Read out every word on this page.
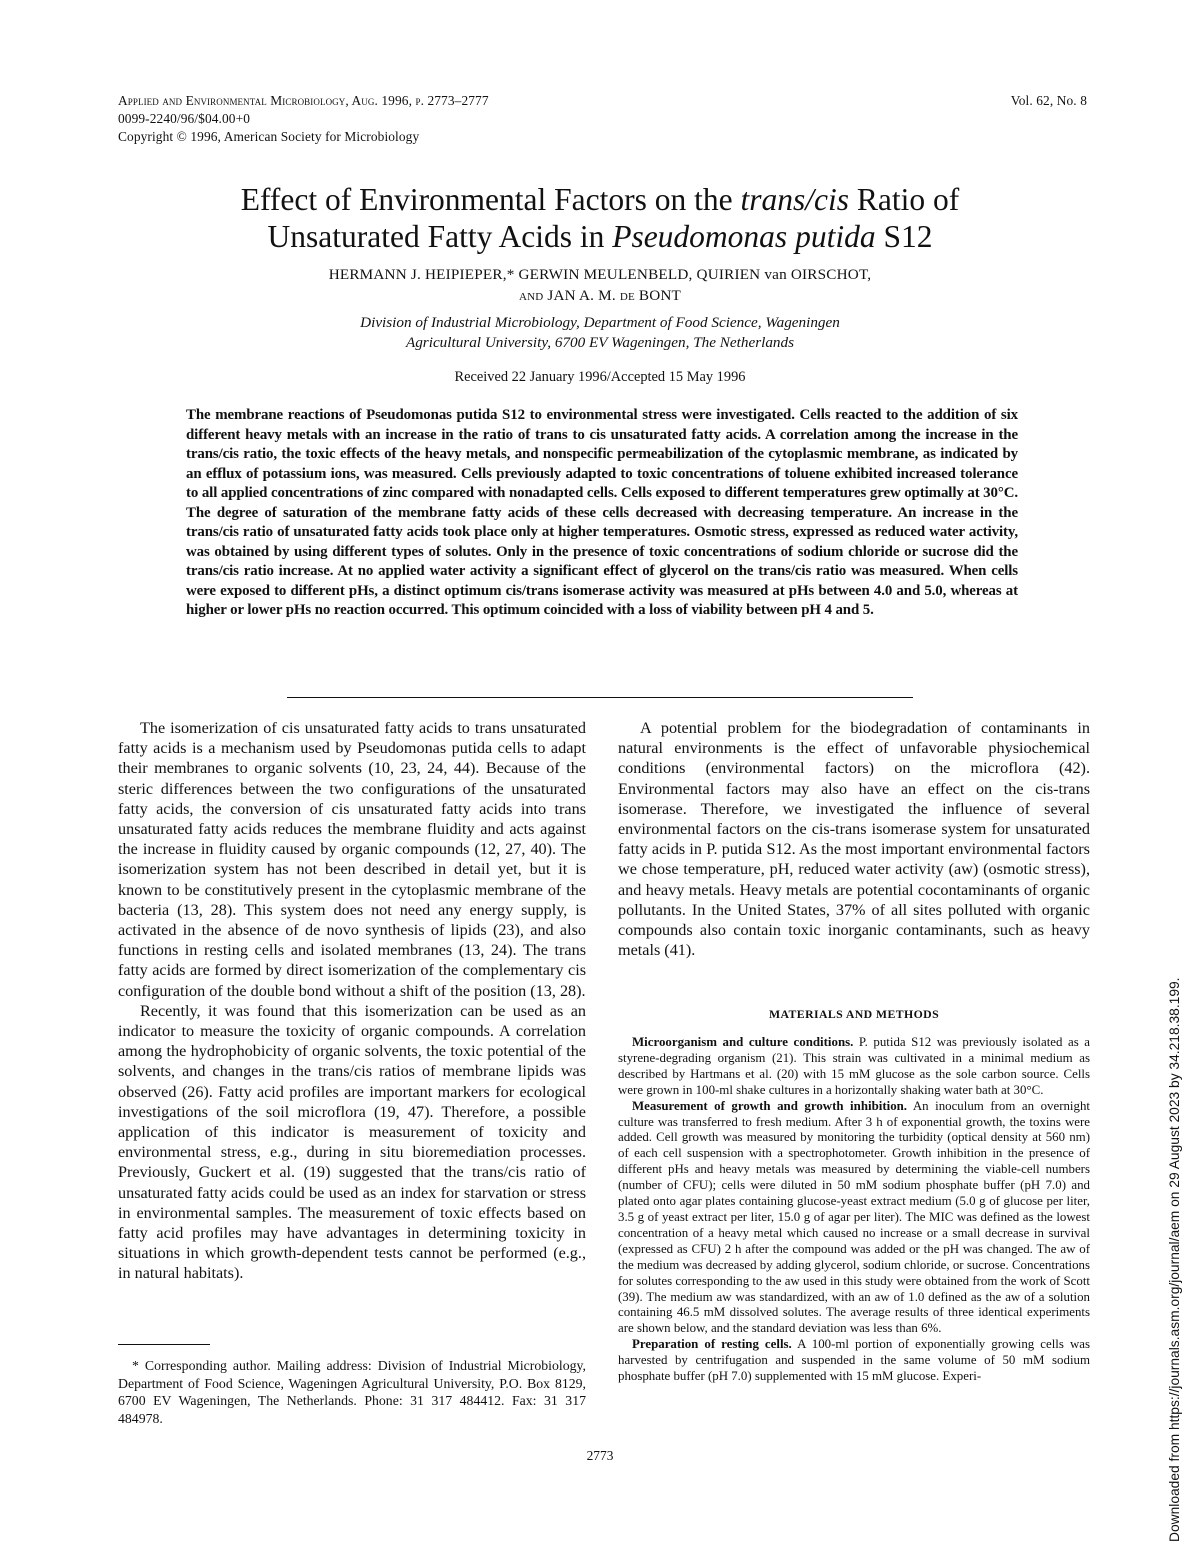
Applied and Environmental Microbiology, Aug. 1996, p. 2773–2777
0099-2240/96/$04.00+0
Copyright © 1996, American Society for Microbiology
Vol. 62, No. 8
Effect of Environmental Factors on the trans/cis Ratio of
Unsaturated Fatty Acids in Pseudomonas putida S12
HERMANN J. HEIPIEPER,* GERWIN MEULENBELD, QUIRIEN van OIRSCHOT,
and JAN A. M. de BONT
Division of Industrial Microbiology, Department of Food Science, Wageningen
Agricultural University, 6700 EV Wageningen, The Netherlands
Received 22 January 1996/Accepted 15 May 1996
The membrane reactions of Pseudomonas putida S12 to environmental stress were investigated. Cells reacted to the addition of six different heavy metals with an increase in the ratio of trans to cis unsaturated fatty acids. A correlation among the increase in the trans/cis ratio, the toxic effects of the heavy metals, and nonspecific permeabilization of the cytoplasmic membrane, as indicated by an efflux of potassium ions, was measured. Cells previously adapted to toxic concentrations of toluene exhibited increased tolerance to all applied concentrations of zinc compared with nonadapted cells. Cells exposed to different temperatures grew optimally at 30°C. The degree of saturation of the membrane fatty acids of these cells decreased with decreasing temperature. An increase in the trans/cis ratio of unsaturated fatty acids took place only at higher temperatures. Osmotic stress, expressed as reduced water activity, was obtained by using different types of solutes. Only in the presence of toxic concentrations of sodium chloride or sucrose did the trans/cis ratio increase. At no applied water activity a significant effect of glycerol on the trans/cis ratio was measured. When cells were exposed to different pHs, a distinct optimum cis/trans isomerase activity was measured at pHs between 4.0 and 5.0, whereas at higher or lower pHs no reaction occurred. This optimum coincided with a loss of viability between pH 4 and 5.

The isomerization of cis unsaturated fatty acids to trans unsaturated fatty acids is a mechanism used by Pseudomonas putida cells to adapt their membranes to organic solvents (10, 23, 24, 44). Because of the steric differences between the two configurations of the unsaturated fatty acids, the conversion of cis unsaturated fatty acids into trans unsaturated fatty acids reduces the membrane fluidity and acts against the increase in fluidity caused by organic compounds (12, 27, 40). The isomerization system has not been described in detail yet, but it is known to be constitutively present in the cytoplasmic membrane of the bacteria (13, 28). This system does not need any energy supply, is activated in the absence of de novo synthesis of lipids (23), and also functions in resting cells and isolated membranes (13, 24). The trans fatty acids are formed by direct isomerization of the complementary cis configuration of the double bond without a shift of the position (13, 28).

Recently, it was found that this isomerization can be used as an indicator to measure the toxicity of organic compounds. A correlation among the hydrophobicity of organic solvents, the toxic potential of the solvents, and changes in the trans/cis ratios of membrane lipids was observed (26). Fatty acid profiles are important markers for ecological investigations of the soil microflora (19, 47). Therefore, a possible application of this indicator is measurement of toxicity and environmental stress, e.g., during in situ bioremediation processes. Previously, Guckert et al. (19) suggested that the trans/cis ratio of unsaturated fatty acids could be used as an index for starvation or stress in environmental samples. The measurement of toxic effects based on fatty acid profiles may have advantages in determining toxicity in situations in which growth-dependent tests cannot be performed (e.g., in natural habitats).

* Corresponding author. Mailing address: Division of Industrial Microbiology, Department of Food Science, Wageningen Agricultural University, P.O. Box 8129, 6700 EV Wageningen, The Netherlands. Phone: 31 317 484412. Fax: 31 317 484978.

A potential problem for the biodegradation of contaminants in natural environments is the effect of unfavorable physiochemical conditions (environmental factors) on the microflora (42). Environmental factors may also have an effect on the cis-trans isomerase. Therefore, we investigated the influence of several environmental factors on the cis-trans isomerase system for unsaturated fatty acids in P. putida S12. As the most important environmental factors we chose temperature, pH, reduced water activity (aw) (osmotic stress), and heavy metals. Heavy metals are potential cocontaminants of organic pollutants. In the United States, 37% of all sites polluted with organic compounds also contain toxic inorganic contaminants, such as heavy metals (41).

MATERIALS AND METHODS

Microorganism and culture conditions. P. putida S12 was previously isolated as a styrene-degrading organism (21). This strain was cultivated in a minimal medium as described by Hartmans et al. (20) with 15 mM glucose as the sole carbon source. Cells were grown in 100-ml shake cultures in a horizontally shaking water bath at 30°C.

Measurement of growth and growth inhibition. An inoculum from an overnight culture was transferred to fresh medium. After 3 h of exponential growth, the toxins were added. Cell growth was measured by monitoring the turbidity (optical density at 560 nm) of each cell suspension with a spectrophotometer. Growth inhibition in the presence of different pHs and heavy metals was measured by determining the viable-cell numbers (number of CFU); cells were diluted in 50 mM sodium phosphate buffer (pH 7.0) and plated onto agar plates containing glucose-yeast extract medium (5.0 g of glucose per liter, 3.5 g of yeast extract per liter, 15.0 g of agar per liter). The MIC was defined as the lowest concentration of a heavy metal which caused no increase or a small decrease in survival (expressed as CFU) 2 h after the compound was added or the pH was changed. The aw of the medium was decreased by adding glycerol, sodium chloride, or sucrose. Concentrations for solutes corresponding to the aw used in this study were obtained from the work of Scott (39). The medium aw was standardized, with an aw of 1.0 defined as the aw of a solution containing 46.5 mM dissolved solutes. The average results of three identical experiments are shown below, and the standard deviation was less than 6%.

Preparation of resting cells. A 100-ml portion of exponentially growing cells was harvested by centrifugation and suspended in the same volume of 50 mM sodium phosphate buffer (pH 7.0) supplemented with 15 mM glucose. Experi-

2773	Downloaded from https://journals.asm.org/journal/aem on 29 August 2023 by 34.218.38.199.
